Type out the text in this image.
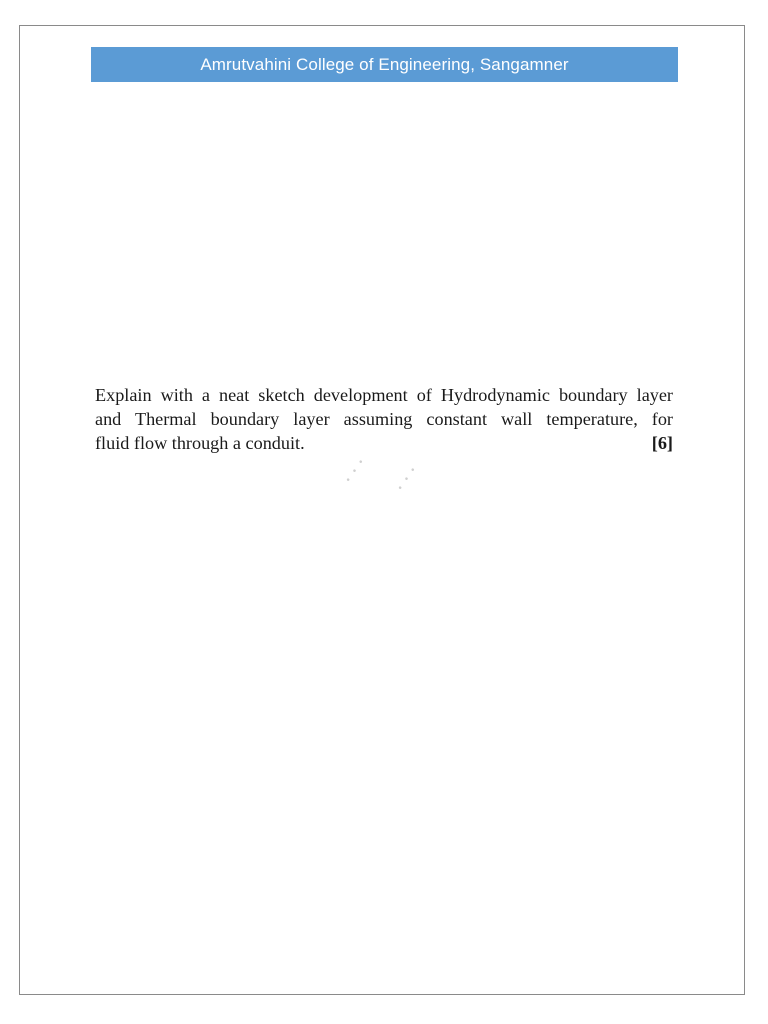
Amrutvahini College of Engineering, Sangamner
. . . . . .
Explain with a neat sketch development of Hydrodynamic boundary layer
and Thermal boundary layer assuming constant wall temperature, for
fluid flow through a conduit.	[6]
